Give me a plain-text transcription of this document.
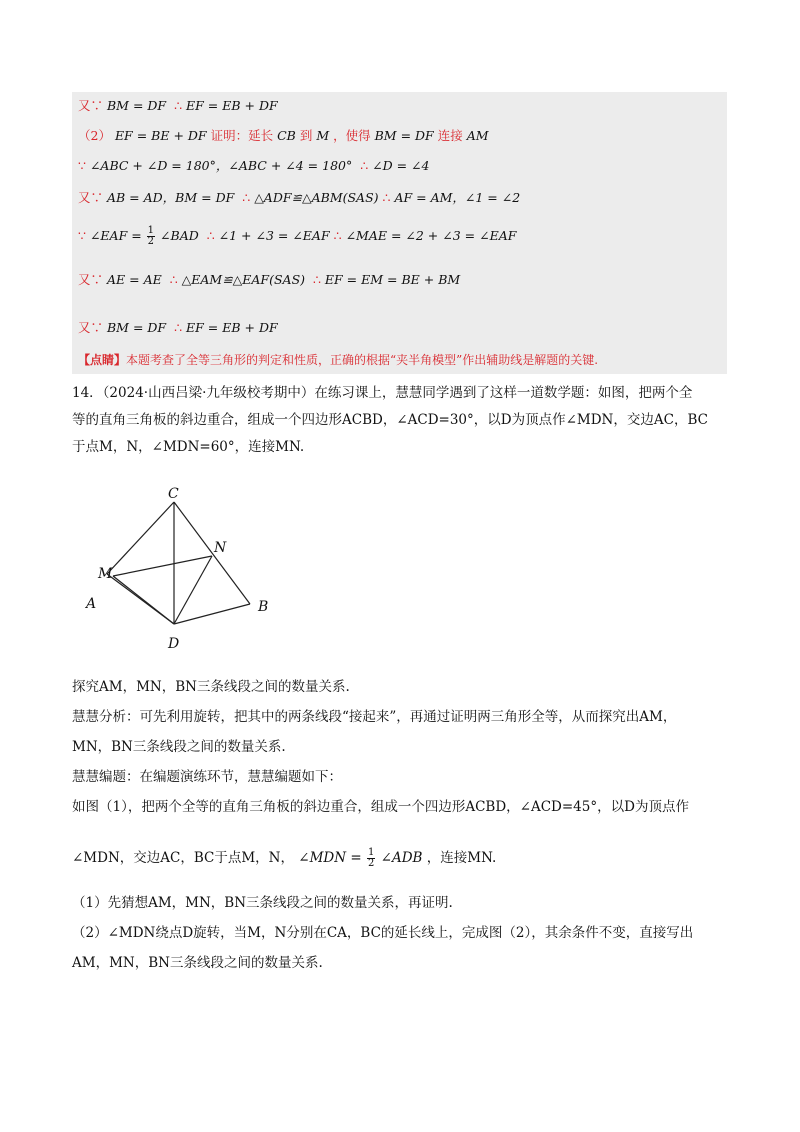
又∵ BM = DF ∴ EF = EB + DF
（2） EF = BE + DF 证明：延长 CB 到 M ，使得 BM = DF 连接 AM
∵ ∠ABC + ∠D = 180°，∠ABC + ∠4 = 180° ∴ ∠D = ∠4
又∵ AB = AD，BM = DF ∴ △ADF≌△ABM(SAS) ∴ AF = AM，∠1 = ∠2
∵ ∠EAF = $\frac{1}{2}$ ∠BAD ∴ ∠1 + ∠3 = ∠EAF ∴ ∠MAE = ∠2 + ∠3 = ∠EAF
又∵ AE = AE ∴ △EAM≌△EAF(SAS) ∴ EF = EM = BE + BM
又∵ BM = DF ∴ EF = EB + DF
【点睛】本题考查了全等三角形的判定和性质，正确的根据“夹半角模型”作出辅助线是解题的关键.

14．（2024·山西吕梁·九年级校考期中）在练习课上，慧慧同学遇到了这样一道数学题：如图，把两个全

等的直角三角板的斜边重合，组成一个四边形ACBD，∠ACD=30°，以D为顶点作∠MDN，交边AC，BC

于点M，N，∠MDN=60°，连接MN.

C
N
M
A	B
D

探究AM，MN，BN三条线段之间的数量关系.

慧慧分析：可先利用旋转，把其中的两条线段“接起来”，再通过证明两三角形全等，从而探究出AM，

MN，BN三条线段之间的数量关系.

慧慧编题：在编题演练环节，慧慧编题如下：

如图（1），把两个全等的直角三角板的斜边重合，组成一个四边形ACBD，∠ACD=45°，以D为顶点作

∠MDN，交边AC，BC于点M，N， ∠MDN = $\frac{1}{2}$ ∠ADB ，连接MN.

（1）先猜想AM，MN，BN三条线段之间的数量关系，再证明.

（2）∠MDN绕点D旋转，当M，N分别在CA，BC的延长线上，完成图（2），其余条件不变，直接写出

AM，MN，BN三条线段之间的数量关系.
